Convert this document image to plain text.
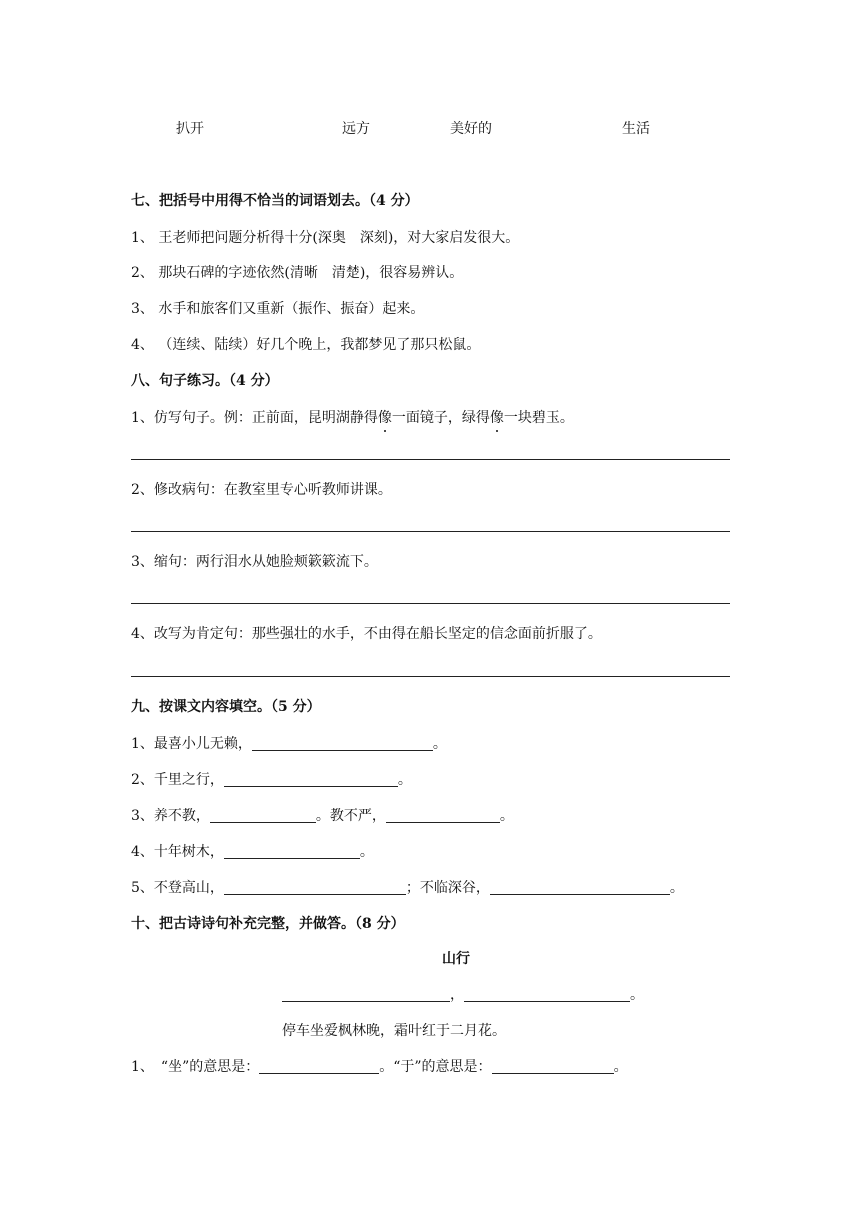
扒开	远方	美好的	生活
七、把括号中用得不恰当的词语划去。（4 分）
1、 王老师把问题分析得十分(深奥　深刻)，对大家启发很大。
2、 那块石碑的字迹依然(清晰　清楚)，很容易辨认。
3、 水手和旅客们又重新（振作、振奋）起来。
4、 （连续、陆续）好几个晚上，我都梦见了那只松鼠。
八、句子练习。（4 分）
1、仿写句子。例：正前面，昆明湖静得像一面镜子，绿得像一块碧玉。
2、修改病句：在教室里专心听教师讲课。
3、缩句：两行泪水从她脸颊簌簌流下。
4、改写为肯定句：那些强壮的水手，不由得在船长坚定的信念面前折服了。
九、按课文内容填空。（5 分）
1、最喜小儿无赖，	。
2、千里之行，	。
3、养不教，	。教不严，	。
4、十年树木，	。
5、不登高山，	；不临深谷，	。
十、把古诗诗句补充完整，并做答。（8 分）
山行
，	。
停车坐爱枫林晚，霜叶红于二月花。
1、　“坐”的意思是：	。“于”的意思是：	。
